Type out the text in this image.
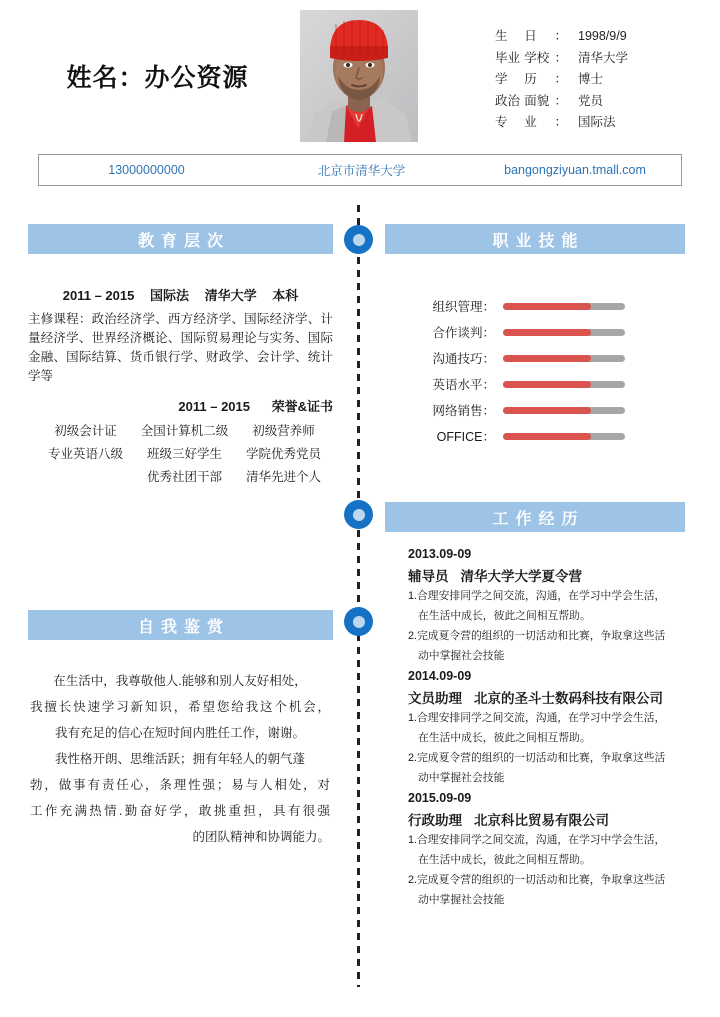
姓名：办公资源
生 日 ： 1998/9/9
毕业 学校 ： 清华大学
学 历 ： 博士
政治 面貌 ： 党员
专 业 ： 国际法
13000000000	北京市清华大学	bangongziyuan.tmall.com
教育层次
2011 – 2015 国际法 清华大学 本科
主修课程：政治经济学、西方经济学、国际经济学、计量经济学、世界经济概论、国际贸易理论与实务、国际金融、国际结算、货币银行学、财政学、会计学、统计学等
2011 – 2015 荣誉&证书
初级会计证	全国计算机二级	初级营养师
专业英语八级	班级三好学生	学院优秀党员
优秀社团干部	清华先进个人
职业技能
组织管理：
合作谈判：
沟通技巧：
英语水平：
网络销售：
OFFICE：
工作经历
2013.09-09
辅导员 清华大学大学夏令营
1.合理安排同学之间交流，沟通，在学习中学会生活，
在生活中成长，彼此之间相互帮助。
2.完成夏令营的组织的一切活动和比赛，争取拿这些活
动中掌握社会技能
2014.09-09
文员助理 北京的圣斗士数码科技有限公司
1.合理安排同学之间交流，沟通，在学习中学会生活，
在生活中成长，彼此之间相互帮助。
2.完成夏令营的组织的一切活动和比赛，争取拿这些活
动中掌握社会技能
2015.09-09
行政助理 北京科比贸易有限公司
1.合理安排同学之间交流，沟通，在学习中学会生活，
在生活中成长，彼此之间相互帮助。
2.完成夏令营的组织的一切活动和比赛，争取拿这些活
动中掌握社会技能
自我鉴赏
在生活中，我尊敬他人.能够和别人友好相处，
我擅长快速学习新知识，希望您给我这个机会，
我有充足的信心在短时间内胜任工作，谢谢。
我性格开朗、思维活跃；拥有年轻人的朝气蓬
勃，做事有责任心，条理性强；易与人相处，对
工作充满热情.勤奋好学，敢挑重担，具有很强
的团队精神和协调能力。
